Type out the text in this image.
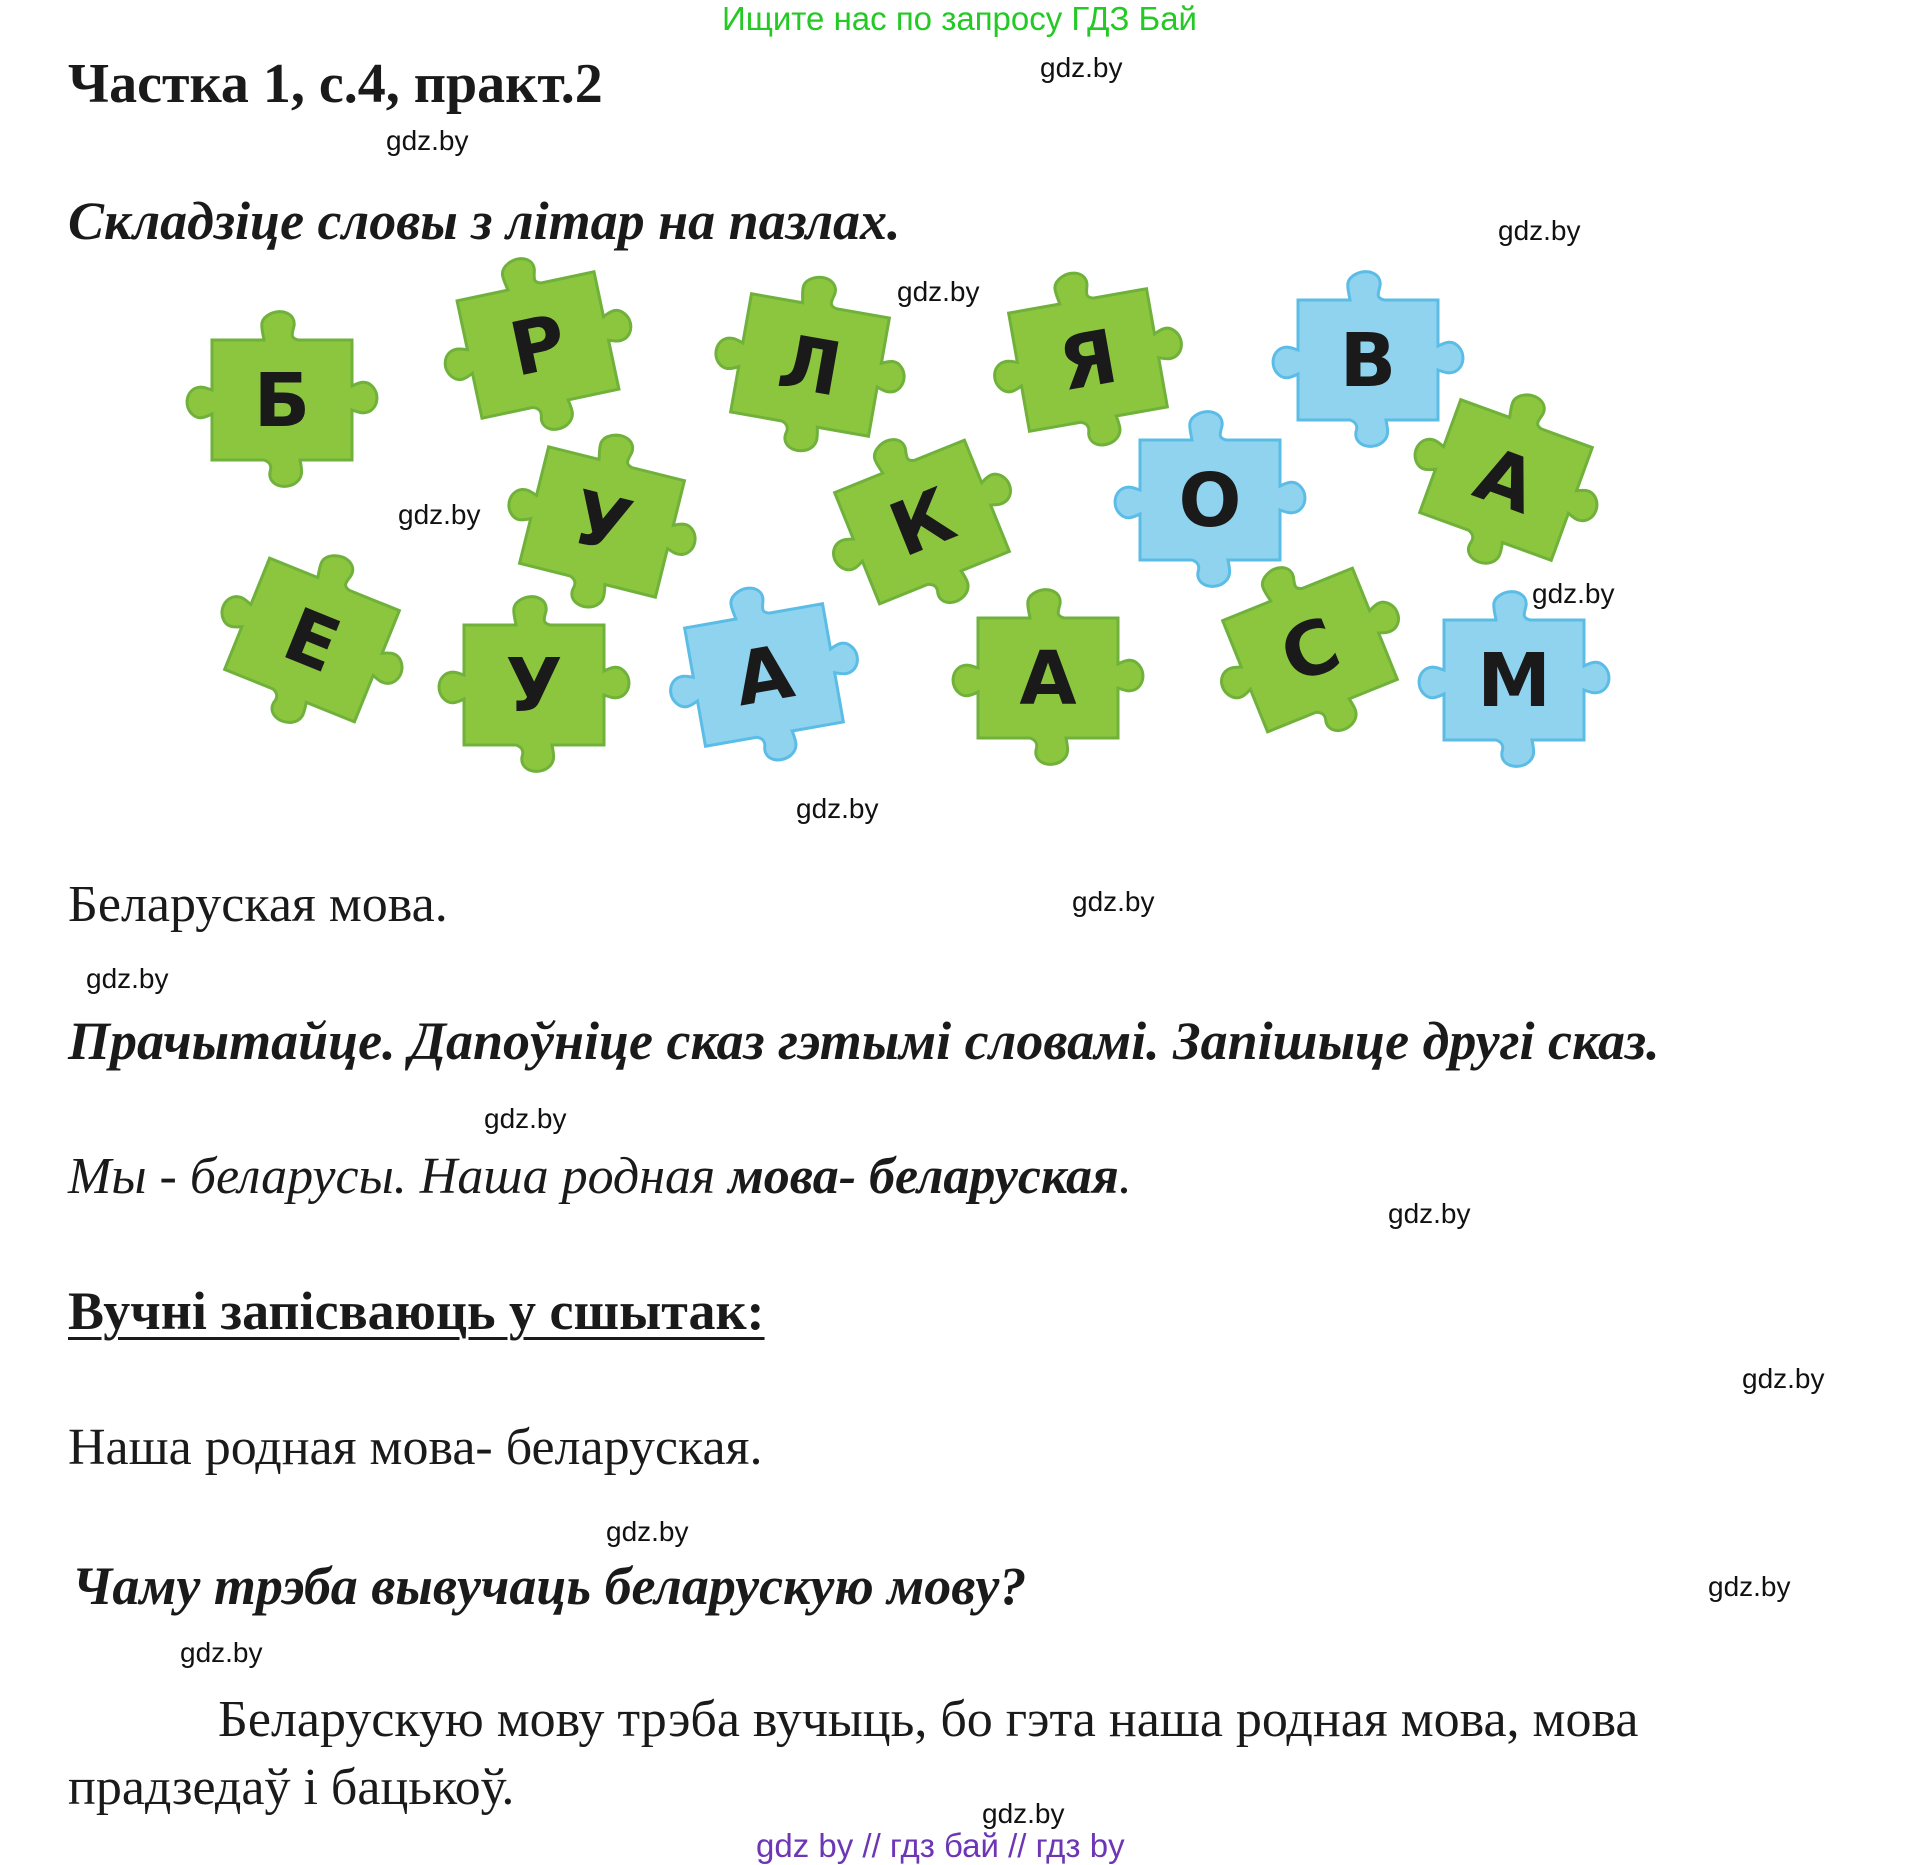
Ищите нас по запросу ГДЗ Бай
Частка 1, с.4, практ.2
Складзіце словы з літар на пазлах.
Б
Р	Л	Я	В
У	К	О	А
Е У А	А	С М
Беларуская мова.
Прачытайце. Дапоўніце сказ гэтымі словамі. Запішыце другі сказ.
Мы - беларусы. Наша родная мова- беларуская.
Вучні запісваюць у сшытак:
Наша родная мова- беларуская.
Чаму трэба вывучаць беларускую мову?
Беларускую мову трэба вучыць, бо гэта наша родная мова, мова прадзедаў і бацькоў.
gdz.by
gdz.by
gdz.by
gdz.by
gdz.by
gdz.by
gdz.by
gdz.by
gdz.by
gdz.by
gdz.by
gdz.by
gdz.by
gdz.by
gdz.by
gdz.by
gdz by // гдз бай // гдз by
